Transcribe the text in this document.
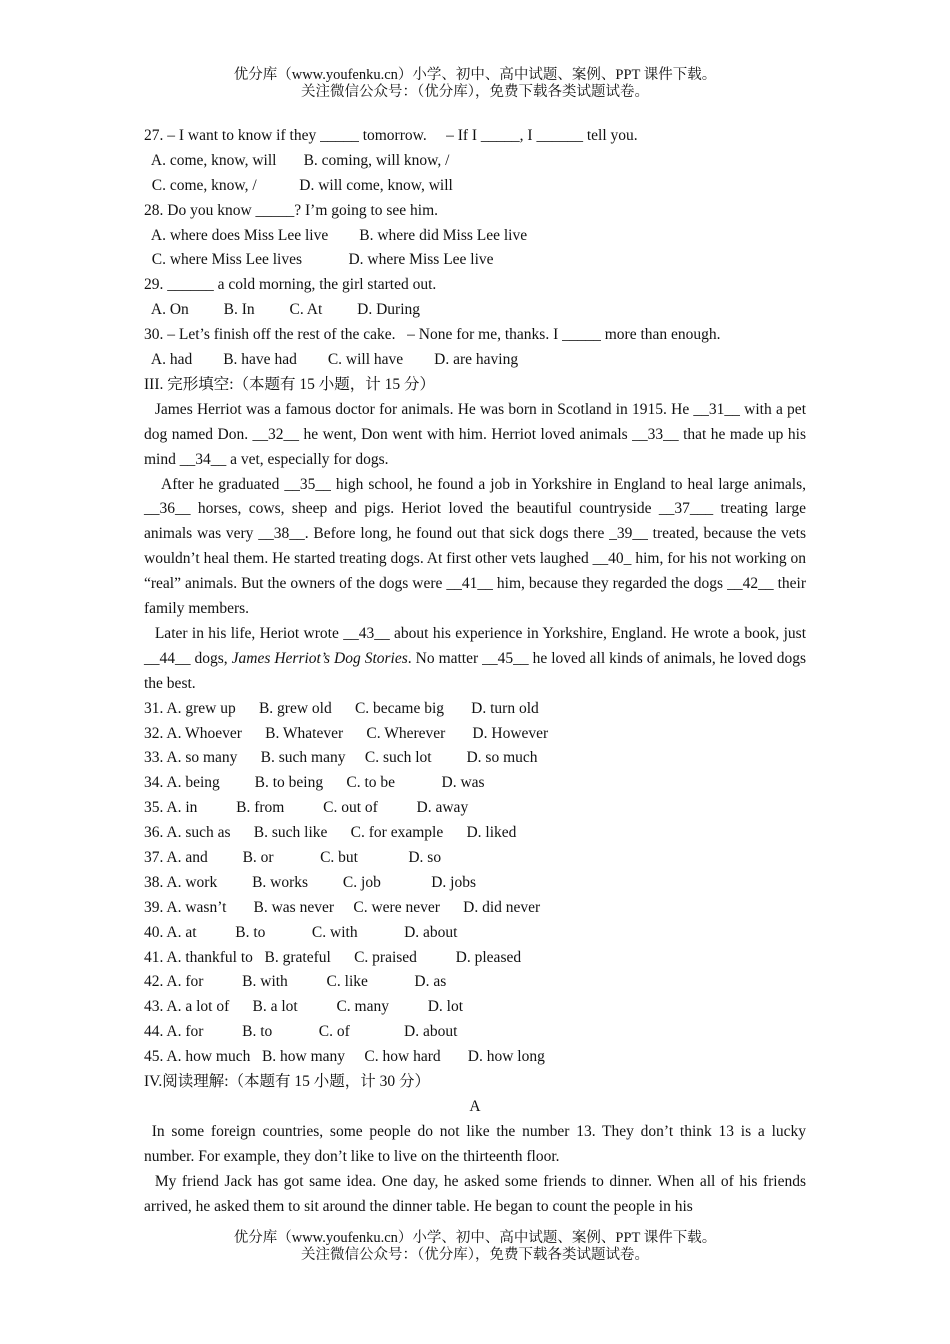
优分库（www.youfenku.cn）小学、初中、高中试题、案例、PPT 课件下载。
关注微信公众号：（优分库），免费下载各类试题试卷。
27. – I want to know if they _____ tomorrow.     – If I _____, I ______ tell you.
A. come, know, will       B. coming, will know, /
C. come, know, /           D. will come, know, will
28. Do you know _____? I’m going to see him.
A. where does Miss Lee live        B. where did Miss Lee live
C. where Miss Lee lives            D. where Miss Lee live
29. ______ a cold morning, the girl started out.
A. On         B. In         C. At         D. During
30. – Let’s finish off the rest of the cake.   – None for me, thanks. I _____ more than enough.
A. had        B. have had        C. will have        D. are having
III. 完形填空:（本题有 15 小题，计 15 分）
James Herriot was a famous doctor for animals. He was born in Scotland in 1915. He __31__ with a pet dog named Don. __32__ he went, Don went with him. Herriot loved animals __33__ that he made up his mind __34__ a vet, especially for dogs.
After he graduated __35__ high school, he found a job in Yorkshire in England to heal large animals, __36__ horses, cows, sheep and pigs. Heriot loved the beautiful countryside __37___ treating large animals was very __38__. Before long, he found out that sick dogs there _39__ treated, because the vets wouldn’t heal them. He started treating dogs. At first other vets laughed __40_ him, for his not working on “real” animals. But the owners of the dogs were __41__ him, because they regarded the dogs __42__ their family members.
Later in his life, Heriot wrote __43__ about his experience in Yorkshire, England. He wrote a book, just __44__ dogs, James Herriot’s Dog Stories. No matter __45__ he loved all kinds of animals, he loved dogs the best.
31. A. grew up      B. grew old      C. became big       D. turn old
32. A. Whoever      B. Whatever      C. Wherever       D. However
33. A. so many      B. such many     C. such lot         D. so much
34. A. being         B. to being      C. to be            D. was
35. A. in          B. from          C. out of          D. away
36. A. such as      B. such like      C. for example      D. liked
37. A. and         B. or            C. but             D. so
38. A. work         B. works         C. job             D. jobs
39. A. wasn’t       B. was never     C. were never      D. did never
40. A. at          B. to            C. with            D. about
41. A. thankful to   B. grateful      C. praised          D. pleased
42. A. for          B. with          C. like            D. as
43. A. a lot of      B. a lot          C. many          D. lot
44. A. for          B. to            C. of              D. about
45. A. how much   B. how many     C. how hard       D. how long
IV.阅读理解:（本题有 15 小题，计 30 分）
A
In some foreign countries, some people do not like the number 13. They don’t think 13 is a lucky number. For example, they don’t like to live on the thirteenth floor.
My friend Jack has got same idea. One day, he asked some friends to dinner. When all of his friends arrived, he asked them to sit around the dinner table. He began to count the people in his
优分库（www.youfenku.cn）小学、初中、高中试题、案例、PPT 课件下载。
关注微信公众号：（优分库），免费下载各类试题试卷。
